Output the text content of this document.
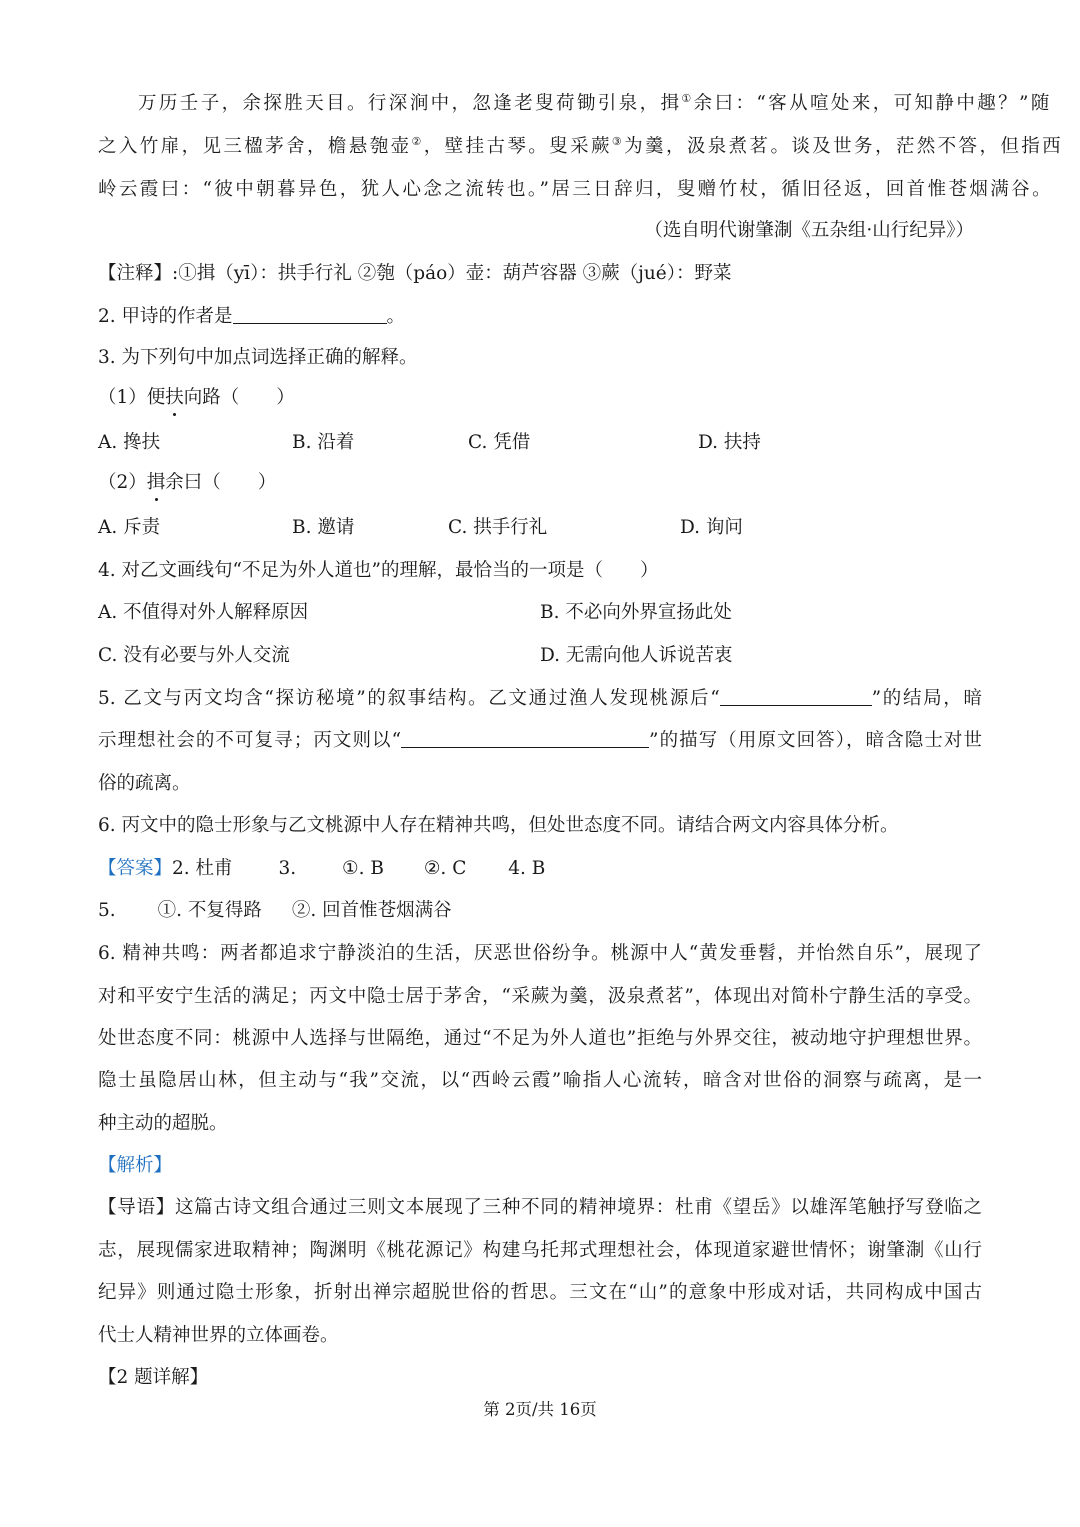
万历壬子，余探胜天目。行深涧中，忽逢老叟荷锄引泉，揖①余曰：“客从喧处来，可知静中趣？”随
之入竹扉，见三楹茅舍，檐悬匏壶②，壁挂古琴。叟采蕨③为羹，汲泉煮茗。谈及世务，茫然不答，但指西
岭云霞曰：“彼中朝暮异色，犹人心念之流转也。”居三日辞归，叟赠竹杖，循旧径返，回首惟苍烟满谷。
（选自明代谢肇淛《五杂组·山行纪异》）
【注释】:①揖（yī）：拱手行礼 ②匏（páo）壶：葫芦容器 ③蕨（jué）：野菜
2. 甲诗的作者是	。
3. 为下列句中加点词选择正确的解释。
（1）便扶向路（　　）
A. 搀扶	B. 沿着	C. 凭借	D. 扶持
（2）揖余曰（　　）
A. 斥责	B. 邀请	C. 拱手行礼	D. 询问
4. 对乙文画线句“不足为外人道也”的理解，最恰当的一项是（　　）
A. 不值得对外人解释原因	B. 不必向外界宣扬此处
C. 没有必要与外人交流	D. 无需向他人诉说苦衷
5. 乙文与丙文均含“探访秘境”的叙事结构。乙文通过渔人发现桃源后“	”的结局，暗
示理想社会的不可复寻；丙文则以“	”的描写（用原文回答），暗含隐士对世
俗的疏离。
6. 丙文中的隐士形象与乙文桃源中人存在精神共鸣，但处世态度不同。请结合两文内容具体分析。
【答案】2. 杜甫 3. ①. B ②. C 4. B
5. ①. 不复得路 ②. 回首惟苍烟满谷
6. 精神共鸣：两者都追求宁静淡泊的生活，厌恶世俗纷争。桃源中人“黄发垂髫，并怡然自乐”，展现了
对和平安宁生活的满足；丙文中隐士居于茅舍，“采蕨为羹，汲泉煮茗”，体现出对简朴宁静生活的享受。
处世态度不同：桃源中人选择与世隔绝，通过“不足为外人道也”拒绝与外界交往，被动地守护理想世界。
隐士虽隐居山林，但主动与“我”交流，以“西岭云霞”喻指人心流转，暗含对世俗的洞察与疏离，是一
种主动的超脱。
【解析】
【导语】这篇古诗文组合通过三则文本展现了三种不同的精神境界：杜甫《望岳》以雄浑笔触抒写登临之
志，展现儒家进取精神；陶渊明《桃花源记》构建乌托邦式理想社会，体现道家避世情怀；谢肇淛《山行
纪异》则通过隐士形象，折射出禅宗超脱世俗的哲思。三文在“山”的意象中形成对话，共同构成中国古
代士人精神世界的立体画卷。
【2 题详解】
第 2页/共 16页
